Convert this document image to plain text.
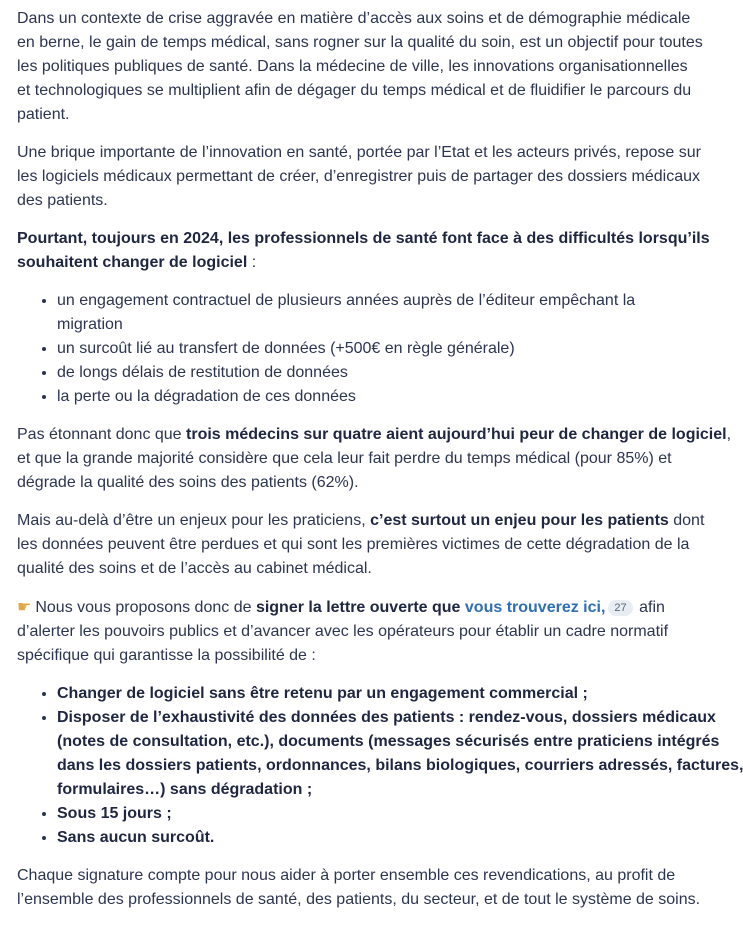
Dans un contexte de crise aggravée en matière d’accès aux soins et de démographie médicale
en berne, le gain de temps médical, sans rogner sur la qualité du soin, est un objectif pour toutes
les politiques publiques de santé. Dans la médecine de ville, les innovations organisationnelles
et technologiques se multiplient afin de dégager du temps médical et de fluidifier le parcours du
patient.

Une brique importante de l’innovation en santé, portée par l’Etat et les acteurs privés, repose sur
les logiciels médicaux permettant de créer, d’enregistrer puis de partager des dossiers médicaux
des patients.

Pourtant, toujours en 2024, les professionnels de santé font face à des difficultés lorsqu’ils
souhaitent changer de logiciel :

• un engagement contractuel de plusieurs années auprès de l’éditeur empêchant la
migration
• un surcoût lié au transfert de données (+500€ en règle générale)
• de longs délais de restitution de données
• la perte ou la dégradation de ces données

Pas étonnant donc que trois médecins sur quatre aient aujourd’hui peur de changer de logiciel,
et que la grande majorité considère que cela leur fait perdre du temps médical (pour 85%) et
dégrade la qualité des soins des patients (62%).

Mais au-delà d’être un enjeux pour les praticiens, c’est surtout un enjeu pour les patients dont
les données peuvent être perdues et qui sont les premières victimes de cette dégradation de la
qualité des soins et de l’accès au cabinet médical.

☛ Nous vous proposons donc de signer la lettre ouverte que vous trouverez ici, 27 afin
d’alerter les pouvoirs publics et d’avancer avec les opérateurs pour établir un cadre normatif
spécifique qui garantisse la possibilité de :

• Changer de logiciel sans être retenu par un engagement commercial ;
• Disposer de l’exhaustivité des données des patients : rendez-vous, dossiers médicaux
(notes de consultation, etc.), documents (messages sécurisés entre praticiens intégrés
dans les dossiers patients, ordonnances, bilans biologiques, courriers adressés, factures,
formulaires…) sans dégradation ;
• Sous 15 jours ;
• Sans aucun surcoût.

Chaque signature compte pour nous aider à porter ensemble ces revendications, au profit de
l’ensemble des professionnels de santé, des patients, du secteur, et de tout le système de soins.
